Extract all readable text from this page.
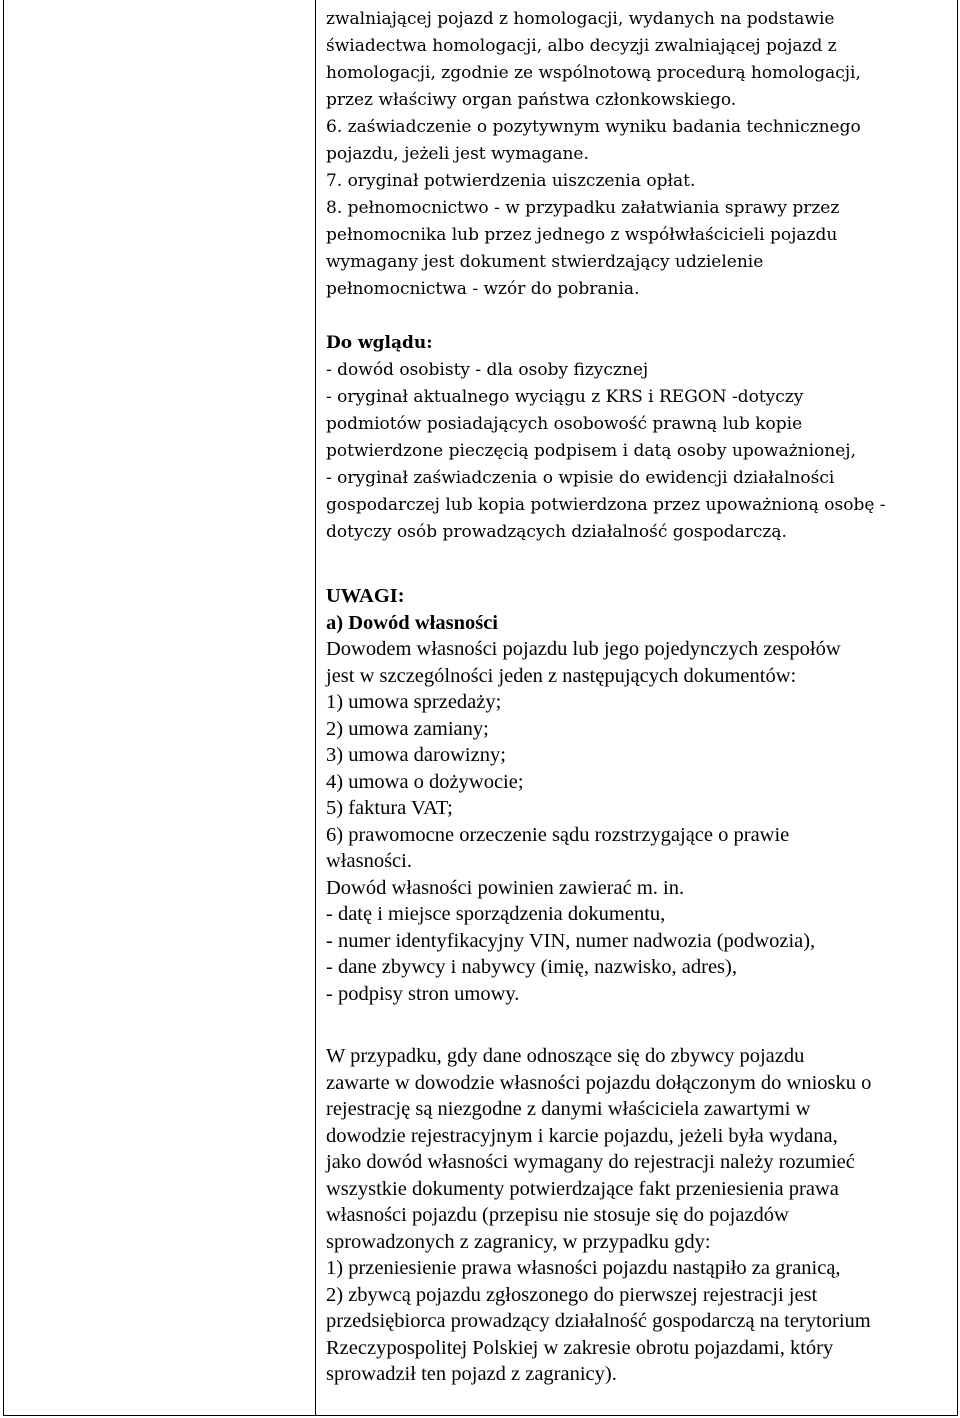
zwalniającej pojazd z homologacji, wydanych na podstawie
świadectwa homologacji, albo decyzji zwalniającej pojazd z
homologacji, zgodnie ze wspólnotową procedurą homologacji,
przez właściwy organ państwa członkowskiego.
6. zaświadczenie o pozytywnym wyniku badania technicznego
pojazdu, jeżeli jest wymagane.
7. oryginał potwierdzenia uiszczenia opłat.
8. pełnomocnictwo - w przypadku załatwiania sprawy przez
pełnomocnika lub przez jednego z współwłaścicieli pojazdu
wymagany jest dokument stwierdzający udzielenie
pełnomocnictwa - wzór do pobrania.
Do wglądu:
- dowód osobisty - dla osoby fizycznej
- oryginał aktualnego wyciągu z KRS i REGON -dotyczy
podmiotów posiadających osobowość prawną lub kopie
potwierdzone pieczęcią podpisem i datą osoby upoważnionej,
- oryginał zaświadczenia o wpisie do ewidencji działalności
gospodarczej lub kopia potwierdzona przez upoważnioną osobę -
dotyczy osób prowadzących działalność gospodarczą.
UWAGI:
a) Dowód własności
Dowodem własności pojazdu lub jego pojedynczych zespołów
jest w szczególności jeden z następujących dokumentów:
1) umowa sprzedaży;
2) umowa zamiany;
3) umowa darowizny;
4) umowa o dożywocie;
5) faktura VAT;
6) prawomocne orzeczenie sądu rozstrzygające o prawie
własności.
Dowód własności powinien zawierać m. in.
- datę i miejsce sporządzenia dokumentu,
- numer identyfikacyjny VIN, numer nadwozia (podwozia),
- dane zbywcy i nabywcy (imię, nazwisko, adres),
- podpisy stron umowy.
W przypadku, gdy dane odnoszące się do zbywcy pojazdu
zawarte w dowodzie własności pojazdu dołączonym do wniosku o
rejestrację są niezgodne z danymi właściciela zawartymi w
dowodzie rejestracyjnym i karcie pojazdu, jeżeli była wydana,
jako dowód własności wymagany do rejestracji należy rozumieć
wszystkie dokumenty potwierdzające fakt przeniesienia prawa
własności pojazdu (przepisu nie stosuje się do pojazdów
sprowadzonych z zagranicy, w przypadku gdy:
1) przeniesienie prawa własności pojazdu nastąpiło za granicą,
2) zbywcą pojazdu zgłoszonego do pierwszej rejestracji jest
przedsiębiorca prowadzący działalność gospodarczą na terytorium
Rzeczypospolitej Polskiej w zakresie obrotu pojazdami, który
sprowadził ten pojazd z zagranicy).
